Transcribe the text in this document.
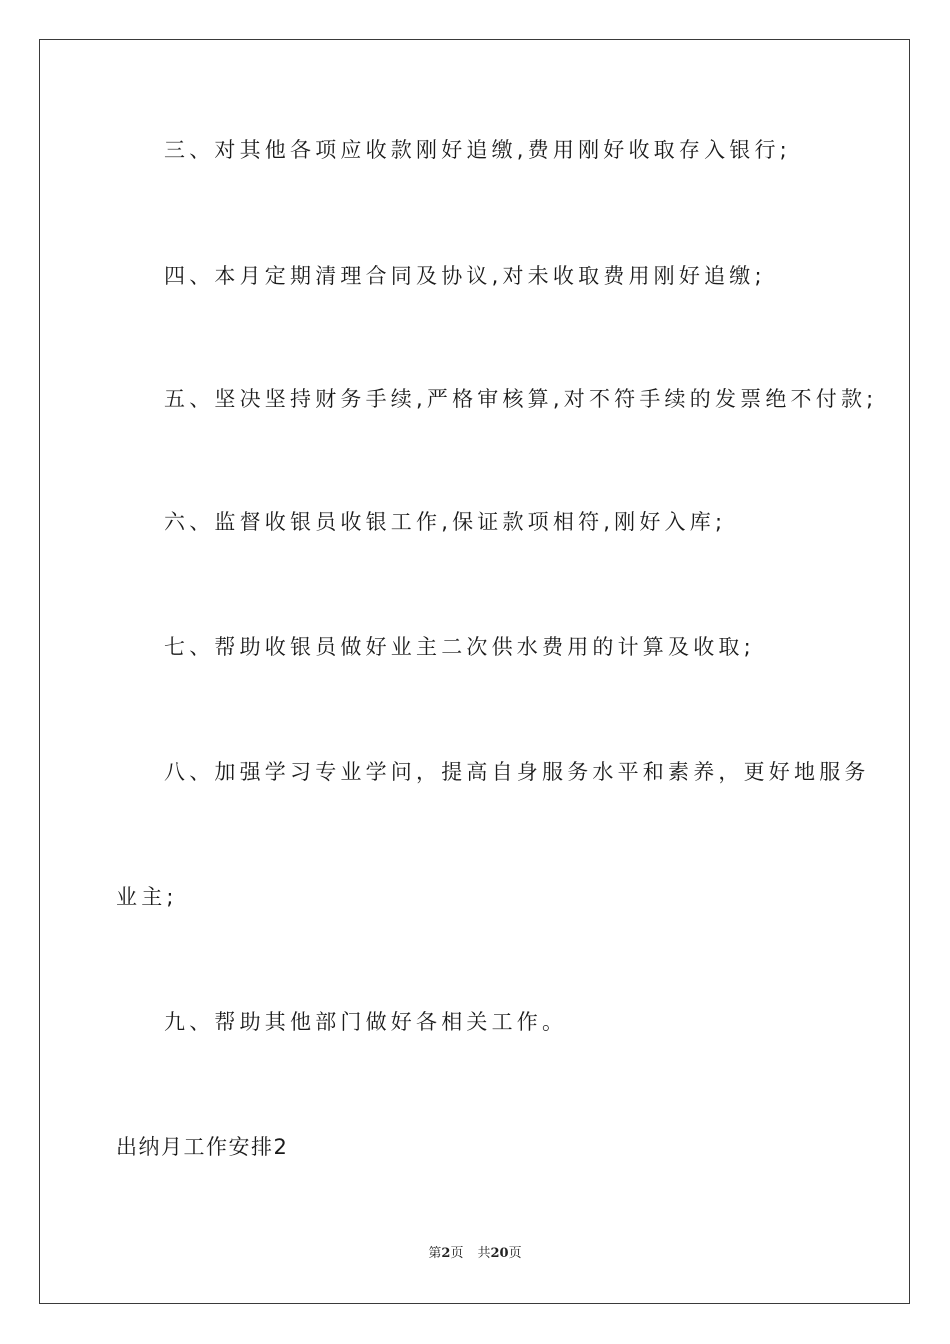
三、对其他各项应收款刚好追缴,费用刚好收取存入银行;

四、本月定期清理合同及协议,对未收取费用刚好追缴;

五、坚决坚持财务手续,严格审核算,对不符手续的发票绝不付款;

六、监督收银员收银工作,保证款项相符,刚好入库;

七、帮助收银员做好业主二次供水费用的计算及收取;

八、加强学习专业学问，提高自身服务水平和素养，更好地服务

业主;

九、帮助其他部门做好各相关工作。

出纳月工作安排2

第2页 共20页
